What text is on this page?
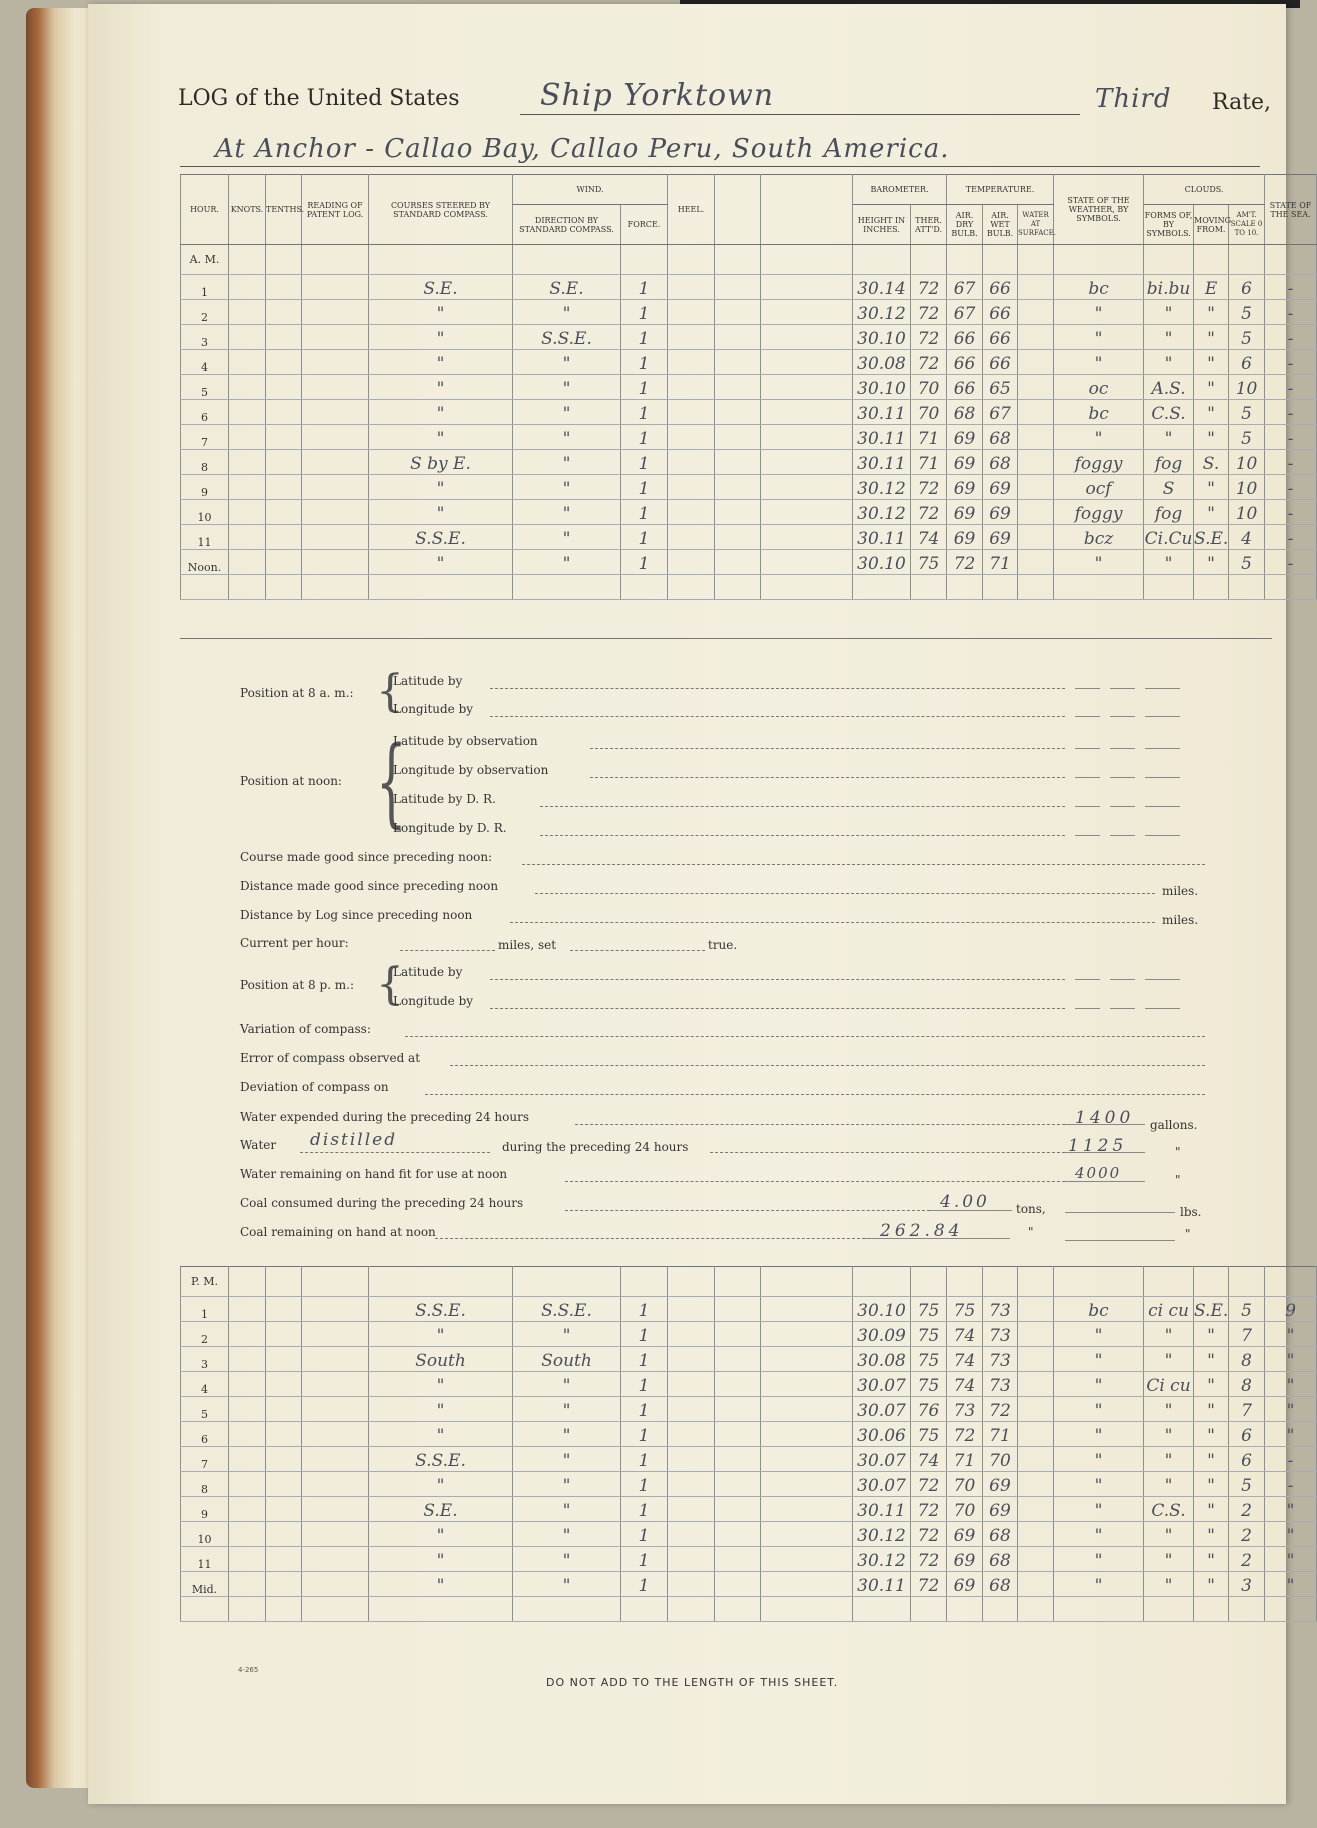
LOG of the United States	Ship Yorktown	Third Rate,
At Anchor - Callao Bay, Callao Peru, South America.
HOUR.	KNOTS.	TENTHS.	READING OF PATENT LOG.	COURSES STEERED BY STANDARD COMPASS.	WIND.		HEEL.			BAROMETER.		TEMPERATURE.			STATE OF THE WEATHER, BY SYMBOLS.	CLOUDS.			STATE OF THE SEA.
					DIRECTION BY STANDARD COMPASS.	FORCE.				HEIGHT IN INCHES.	THER. ATT'D.	AIR. DRY BULB.	AIR. WET BULB.	WATER AT SURFACE.		FORMS OF, BY SYMBOLS.	MOVING FROM.	AM'T. SCALE 0 TO 10.	
A. M.																			
1				S.E.	S.E.	1				30.14	72	67	66		bc	bi.bu	E	6	-
2				"	"	1				30.12	72	67	66		"	"	"	5	-
3				"	S.S.E.	1				30.10	72	66	66		"	"	"	5	-
4				"	"	1				30.08	72	66	66		"	"	"	6	-
5				"	"	1				30.10	70	66	65		oc	A.S.	"	10	-
6				"	"	1				30.11	70	68	67		bc	C.S.	"	5	-
7				"	"	1				30.11	71	69	68		"	"	"	5	-
8				S by E.	"	1				30.11	71	69	68		foggy	fog	S.	10	-
9				"	"	1				30.12	72	69	69		ocf	S	"	10	-
10				"	"	1				30.12	72	69	69		foggy	fog	"	10	-
11				S.S.E.	"	1				30.11	74	69	69		bcz	Ci.Cu	S.E.	4	-
Noon.				"	"	1				30.10	75	72	71		"	"	"	5	-

Position at 8 a. m.: {
Latitude by
Longitude by
Position at noon: {
Latitude by observation
Longitude by observation
Latitude by D. R.
Longitude by D. R.
Course made good since preceding noon:
Distance made good since preceding noon	miles.
Distance by Log since preceding noon	miles.
Current per hour:	miles, set	true.
Position at 8 p. m.: {
Latitude by
Longitude by
Variation of compass:
Error of compass observed at
Deviation of compass on
Water expended during the preceding 24 hours	1400 gallons.
Water distilled	during the preceding 24 hours	1125	"
Water remaining on hand fit for use at noon	4000	"
Coal consumed during the preceding 24 hours	4.00 tons,	lbs.
Coal remaining on hand at noon	262.84	"	"
P. M.																			
1				S.S.E.	S.S.E.	1				30.10	75	75	73		bc	ci cu	S.E.	5	9
2				"	"	1				30.09	75	74	73		"	"	"	7	"
3				South	South	1				30.08	75	74	73		"	"	"	8	"
4				"	"	1				30.07	75	74	73		"	Ci cu	"	8	"
5				"	"	1				30.07	76	73	72		"	"	"	7	"
6				"	"	1				30.06	75	72	71		"	"	"	6	"
7				S.S.E.	"	1				30.07	74	71	70		"	"	"	6	-
8				"	"	1				30.07	72	70	69		"	"	"	5	-
9				S.E.	"	1				30.11	72	70	69		"	C.S.	"	2	"
10				"	"	1				30.12	72	69	68		"	"	"	2	"
11				"	"	1				30.12	72	69	68		"	"	"	2	"
Mid.				"	"	1				30.11	72	69	68		"	"	"	3	"

4-265
DO NOT ADD TO THE LENGTH OF THIS SHEET.
